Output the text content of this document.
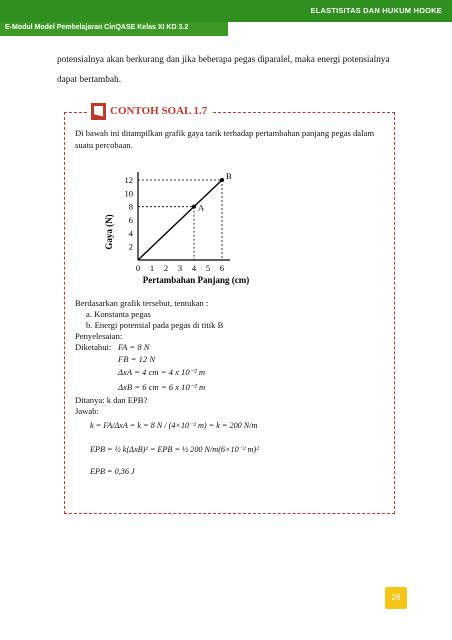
ELASTISITAS DAN HUKUM HOOKE
E-Modul Model Pembelajaran CinQASE Kelas XI KD 3.2
potensialnya akan berkurang dan jika beberapa pegas diparalel, maka energi potensialnya
dapat bertambah.
CONTOH SOAL 1.7
Di bawah ini ditampilkan grafik gaya tarik terhadap pertambahan panjang pegas dalam
suatu percobaan.
2
4
6
8
10
12
0 1 2 3 4 5 6
A
B
Gaya (N)
Pertambahan Panjang (cm)
Berdasarkan grafik tersebut, tentukan :
a. Konstanta pegas
b. Energi potensial pada pegas di titik B
Penyelesaian:
Diketahui: FA = 8 N
FB = 12 N
ΔxA = 4 cm = 4 x 10⁻² m
ΔxB = 6 cm = 6 x 10⁻² m
Ditanya: k dan EPB?
Jawab:
k = FA/ΔxA = k = 8 N / (4×10⁻² m) = k = 200 N/m
EPB = ½ k(ΔxB)² = EPB = ½ 200 N/m(6×10⁻² m)²
EPB = 0,36 J
28
